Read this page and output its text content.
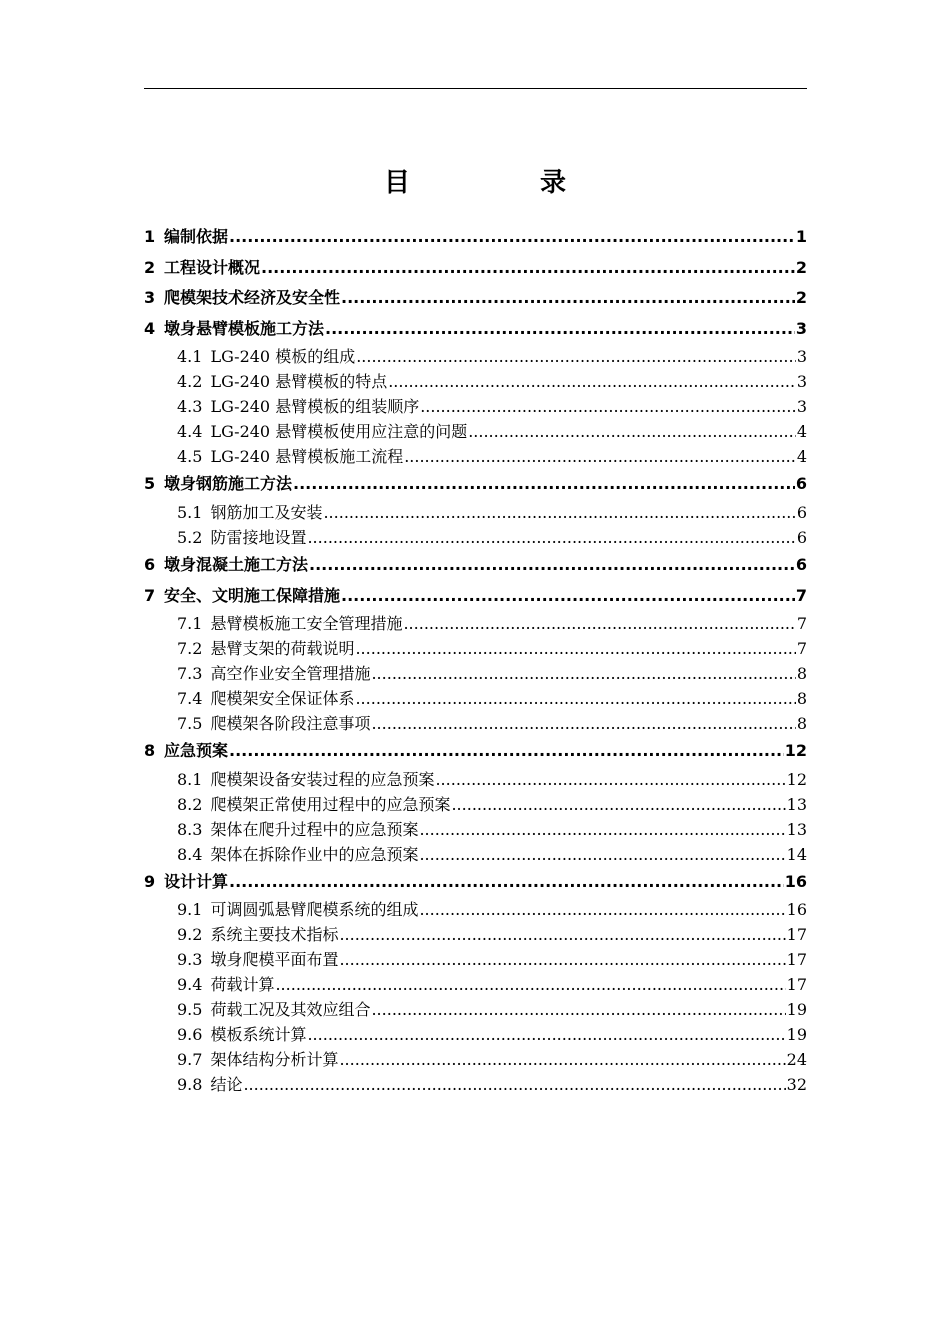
目　录
1 编制依据 .....	1
2 工程设计概况 .....	2
3 爬模架技术经济及安全性 .....	2
4 墩身悬臂模板施工方法 .....	3
4.1 LG-240 模板的组成 .....	3
4.2 LG-240 悬臂模板的特点 .....	3
4.3 LG-240 悬臂模板的组装顺序 .....	3
4.4 LG-240 悬臂模板使用应注意的问题 .....	4
4.5 LG-240 悬臂模板施工流程 .....	4
5 墩身钢筋施工方法 .....	6
5.1 钢筋加工及安装 .....	6
5.2 防雷接地设置 .....	6
6 墩身混凝土施工方法 .....	6
7 安全、文明施工保障措施 .....	7
7.1 悬臂模板施工安全管理措施 .....	7
7.2 悬臂支架的荷载说明 .....	7
7.3 高空作业安全管理措施 .....	8
7.4 爬模架安全保证体系 .....	8
7.5 爬模架各阶段注意事项 .....	8
8 应急预案 .....	12
8.1 爬模架设备安装过程的应急预案 .....	12
8.2 爬模架正常使用过程中的应急预案 .....	13
8.3 架体在爬升过程中的应急预案 .....	13
8.4 架体在拆除作业中的应急预案 .....	14
9 设计计算 .....	16
9.1 可调圆弧悬臂爬模系统的组成 .....	16
9.2 系统主要技术指标 .....	17
9.3 墩身爬模平面布置 .....	17
9.4 荷载计算 .....	17
9.5 荷载工况及其效应组合 .....	19
9.6 模板系统计算 .....	19
9.7 架体结构分析计算 .....	24
9.8 结论 .....	32
